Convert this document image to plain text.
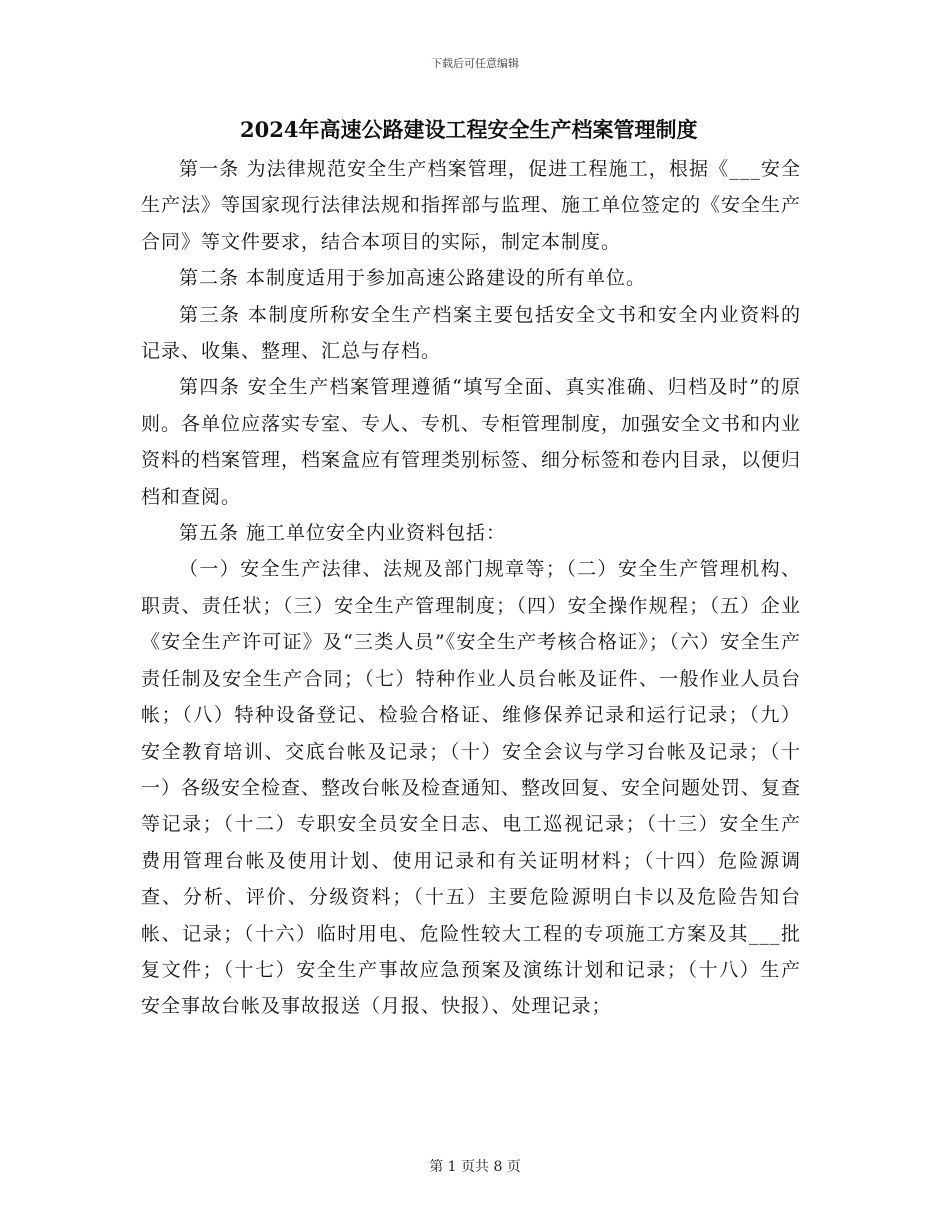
下载后可任意编辑
2024年高速公路建设工程安全生产档案管理制度

第一条 为法律规范安全生产档案管理，促进工程施工，根据《___安全生产法》等国家现行法律法规和指挥部与监理、施工单位签定的《安全生产合同》等文件要求，结合本项目的实际，制定本制度。

第二条 本制度适用于参加高速公路建设的所有单位。

第三条 本制度所称安全生产档案主要包括安全文书和安全内业资料的记录、收集、整理、汇总与存档。

第四条 安全生产档案管理遵循“填写全面、真实准确、归档及时”的原则。各单位应落实专室、专人、专机、专柜管理制度，加强安全文书和内业资料的档案管理，档案盒应有管理类别标签、细分标签和卷内目录，以便归档和查阅。

第五条 施工单位安全内业资料包括：

（一）安全生产法律、法规及部门规章等；（二）安全生产管理机构、职责、责任状；（三）安全生产管理制度；（四）安全操作规程；（五）企业《安全生产许可证》及“三类人员”《安全生产考核合格证》；（六）安全生产责任制及安全生产合同；（七）特种作业人员台帐及证件、一般作业人员台帐；（八）特种设备登记、检验合格证、维修保养记录和运行记录；（九）安全教育培训、交底台帐及记录；（十）安全会议与学习台帐及记录；（十一）各级安全检查、整改台帐及检查通知、整改回复、安全问题处罚、复查等记录；（十二）专职安全员安全日志、电工巡视记录；（十三）安全生产费用管理台帐及使用计划、使用记录和有关证明材料；（十四）危险源调查、分析、评价、分级资料；（十五）主要危险源明白卡以及危险告知台帐、记录；（十六）临时用电、危险性较大工程的专项施工方案及其___批复文件；（十七）安全生产事故应急预案及演练计划和记录；（十八）生产安全事故台帐及事故报送（月报、快报）、处理记录；

第 1 页共 8 页
